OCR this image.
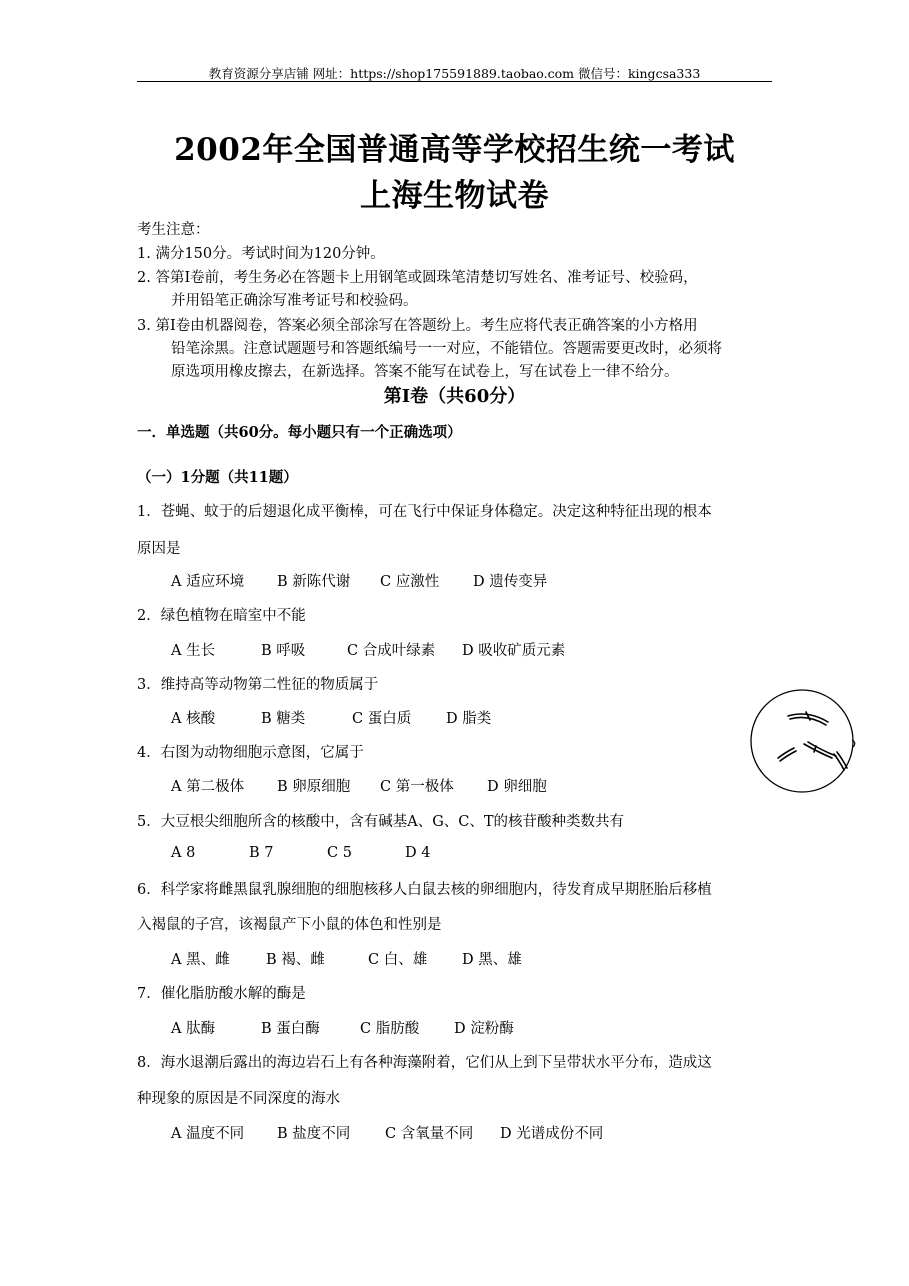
教育资源分享店铺 网址：https://shop175591889.taobao.com 微信号：kingcsa333
2002年全国普通高等学校招生统一考试
上海生物试卷
考生注意：
1. 满分150分。考试时间为120分钟。
2. 答第Ⅰ卷前，考生务必在答题卡上用钢笔或圆珠笔清楚切写姓名、准考证号、校验码，
并用铅笔正确涂写准考证号和校验码。
3. 第Ⅰ卷由机器阅卷，答案必须全部涂写在答题纷上。考生应将代表正确答案的小方格用
铅笔涂黑。注意试题题号和答题纸编号一一对应，不能错位。答题需要更改时，必须将
原选项用橡皮擦去，在新选择。答案不能写在试卷上，写在试卷上一律不给分。
第Ⅰ卷（共60分）
一．单选题（共60分。每小题只有一个正确选项）
（一）1分题（共11题）
1．苍蝇、蚊于的后翅退化成平衡棒，可在飞行中保证身体稳定。决定这种特征出现的根本
原因是
A 适应环境 B 新陈代谢 C 应激性 D 遗传变异
2．绿色植物在暗室中不能
A 生长	B 呼吸	C 合成叶绿素 D 吸收矿质元素
3．维持高等动物第二性征的物质属于
A 核酸	B 糖类	C 蛋白质 D 脂类
4．右图为动物细胞示意图，它属于
A 第二极体 B 卵原细胞 C 第一极体 D 卵细胞
5．大豆根尖细胞所含的核酸中，含有碱基A、G、C、T的核苷酸种类数共有
A 8	B 7	C 5	D 4
6．科学家将雌黑鼠乳腺细胞的细胞核移人白鼠去核的卵细胞内，待发育成早期胚胎后移植
入褐鼠的子宫，该褐鼠产下小鼠的体色和性别是
A 黑、雌	B 褐、雌	C 白、雄 D 黑、雄
7．催化脂肪酸水解的酶是
A 肽酶	B 蛋白酶	C 脂肪酸 D 淀粉酶
8．海水退潮后露出的海边岩石上有各种海藻附着，它们从上到下呈带状水平分布，造成这
种现象的原因是不同深度的海水
A 温度不同 B 盐度不同 C 含氧量不同 D 光谱成份不同
